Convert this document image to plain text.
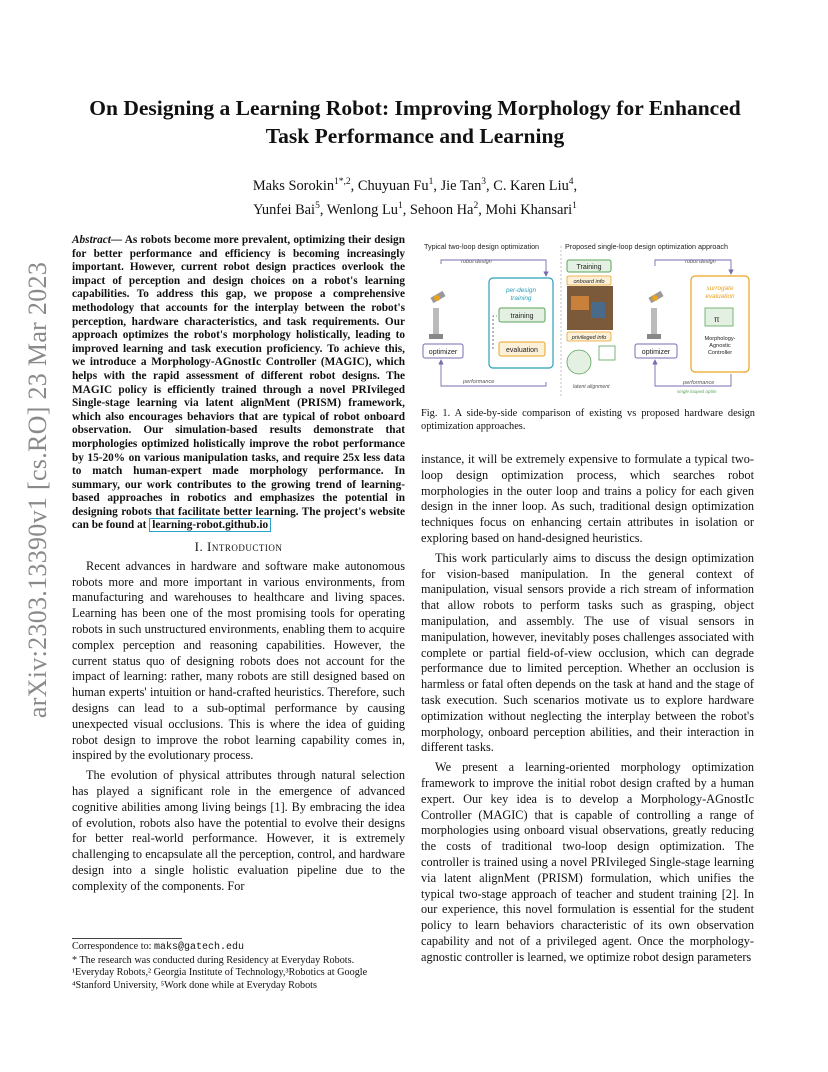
arXiv:2303.13390v1 [cs.RO] 23 Mar 2023
On Designing a Learning Robot: Improving Morphology for Enhanced Task Performance and Learning
Maks Sorokin$^{1*,2}$, Chuyuan Fu$^1$, Jie Tan$^3$, C. Karen Liu$^4$,
Yunfei Bai$^5$, Wenlong Lu$^1$, Sehoon Ha$^2$, Mohi Khansari$^1$

Abstract— As robots become more prevalent, optimizing their design for better performance and efficiency is becoming increasingly important. However, current robot design practices overlook the impact of perception and design choices on a robot's learning capabilities. To address this gap, we propose a comprehensive methodology that accounts for the interplay between the robot's perception, hardware characteristics, and task requirements. Our approach optimizes the robot's morphology holistically, leading to improved learning and task execution proficiency. To achieve this, we introduce a Morphology-AGnostIc Controller (MAGIC), which helps with the rapid assessment of different robot designs. The MAGIC policy is efficiently trained through a novel PRIvileged Single-stage learning via latent alignMent (PRISM) framework, which also encourages behaviors that are typical of robot onboard observation. Our simulation-based results demonstrate that morphologies optimized holistically improve the robot performance by 15-20% on various manipulation tasks, and require 25x less data to match human-expert made morphology performance. In summary, our work contributes to the growing trend of learning-based approaches in robotics and emphasizes the potential in designing robots that facilitate better learning. The project's website can be found at learning-robot.github.io

I. Introduction

Recent advances in hardware and software make autonomous robots more and more important in various environments, from manufacturing and warehouses to healthcare and living spaces. Learning has been one of the most promising tools for operating robots in such unstructured environments, enabling them to acquire complex perception and reasoning capabilities. However, the current status quo of designing robots does not account for the impact of learning: rather, many robots are still designed based on human experts' intuition or hand-crafted heuristics. Therefore, such designs can lead to a sub-optimal performance by causing unexpected visual occlusions. This is where the idea of guiding robot design to improve the robot learning capability comes in, inspired by the evolutionary process.

The evolution of physical attributes through natural selection has played a significant role in the emergence of advanced cognitive abilities among living beings [1]. By embracing the idea of evolution, robots also have the potential to evolve their designs for better real-world performance. However, it is extremely challenging to encapsulate all the perception, control, and hardware design into a single holistic evaluation pipeline due to the complexity of the components. For

Correspondence to: maks@gatech.edu
* The research was conducted during Residency at Everyday Robots.
¹Everyday Robots,² Georgia Institute of Technology,³Robotics at Google
⁴Stanford University, ⁵Work done while at Everyday Robots
Typical two-loop design optimization
robot design
optimizer
per-design
training
training
evaluation
performance
Proposed single-loop design optimization approach
Training
onboard info
privileged info
latent alignment
robot design
optimizer
surrogate
evaluation
π
Morphology-
Agnostic
Controller
performance
single looped optim
Fig. 1. A side-by-side comparison of existing vs proposed hardware design optimization approaches.

instance, it will be extremely expensive to formulate a typical two-loop design optimization process, which searches robot morphologies in the outer loop and trains a policy for each given design in the inner loop. As such, traditional design optimization techniques focus on enhancing certain attributes in isolation or exploring based on hand-designed heuristics.

This work particularly aims to discuss the design optimization for vision-based manipulation. In the general context of manipulation, visual sensors provide a rich stream of information that allow robots to perform tasks such as grasping, object manipulation, and assembly. The use of visual sensors in manipulation, however, inevitably poses challenges associated with complete or partial field-of-view occlusion, which can degrade performance due to limited perception. Whether an occlusion is harmless or fatal often depends on the task at hand and the stage of task execution. Such scenarios motivate us to explore hardware optimization without neglecting the interplay between the robot's morphology, onboard perception abilities, and their interaction in different tasks.

We present a learning-oriented morphology optimization framework to improve the initial robot design crafted by a human expert. Our key idea is to develop a Morphology-AGnostIc Controller (MAGIC) that is capable of controlling a range of morphologies using onboard visual observations, greatly reducing the costs of traditional two-loop design optimization. The controller is trained using a novel PRIvileged Single-stage learning via latent alignMent (PRISM) formulation, which unifies the typical two-stage approach of teacher and student training [2]. In our experience, this novel formulation is essential for the student policy to learn behaviors characteristic of its own observation capability and not of a privileged agent. Once the morphology-agnostic controller is learned, we optimize robot design parameters
